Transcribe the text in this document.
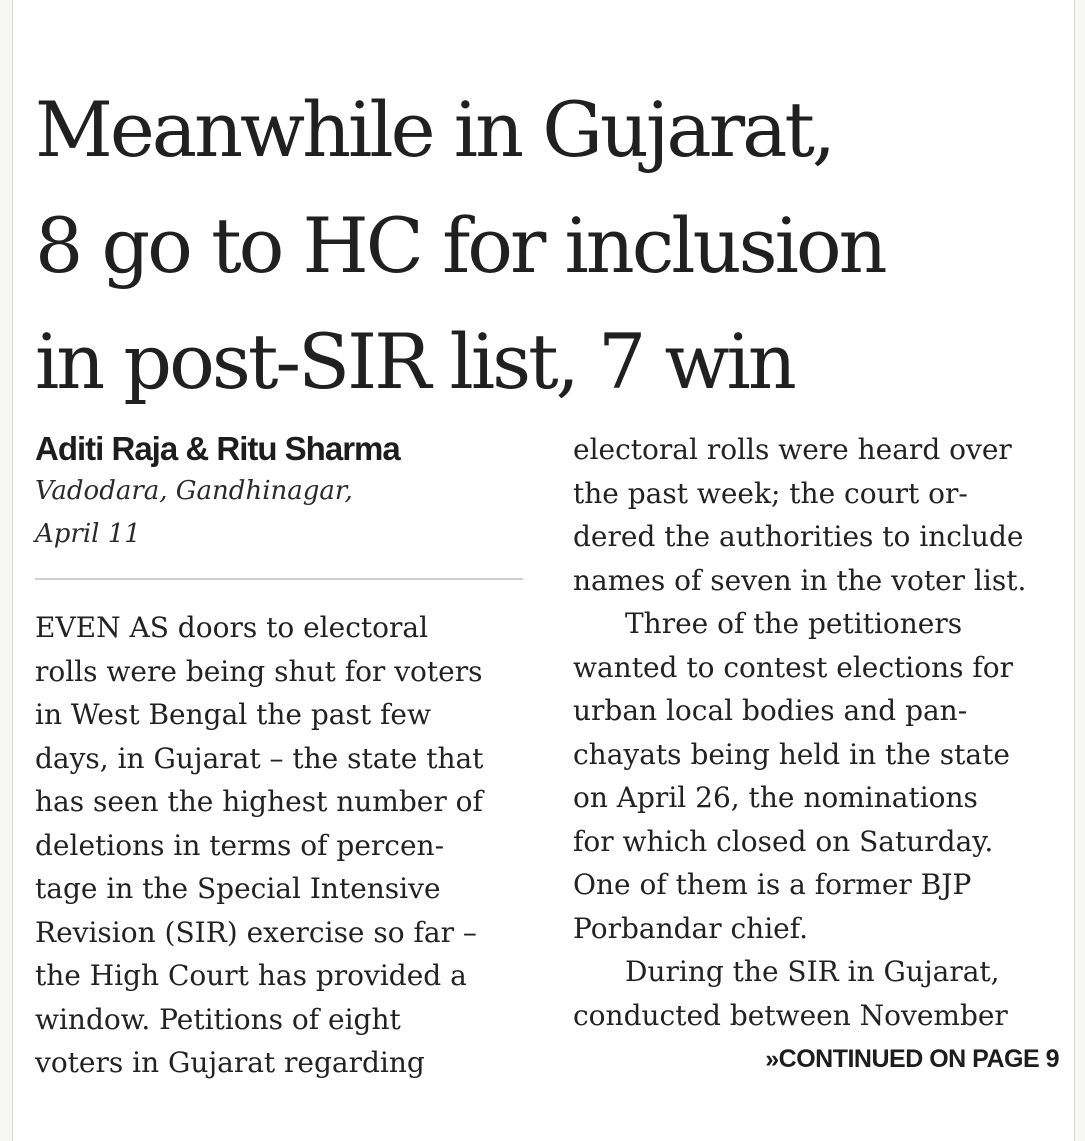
Meanwhile in Gujarat,
8 go to HC for inclusion
in post-SIR list, 7 win
Aditi Raja & Ritu Sharma
Vadodara, Gandhinagar,
April 11
EVEN AS doors to electoral
rolls were being shut for voters
in West Bengal the past few
days, in Gujarat – the state that
has seen the highest number of
deletions in terms of percen-
tage in the Special Intensive
Revision (SIR) exercise so far –
the High Court has provided a
window. Petitions of eight
voters in Gujarat regarding
electoral rolls were heard over
the past week; the court or-
dered the authorities to include
names of seven in the voter list.
Three of the petitioners
wanted to contest elections for
urban local bodies and pan-
chayats being held in the state
on April 26, the nominations
for which closed on Saturday.
One of them is a former BJP
Porbandar chief.
During the SIR in Gujarat,
conducted between November
»CONTINUED ON PAGE 9
